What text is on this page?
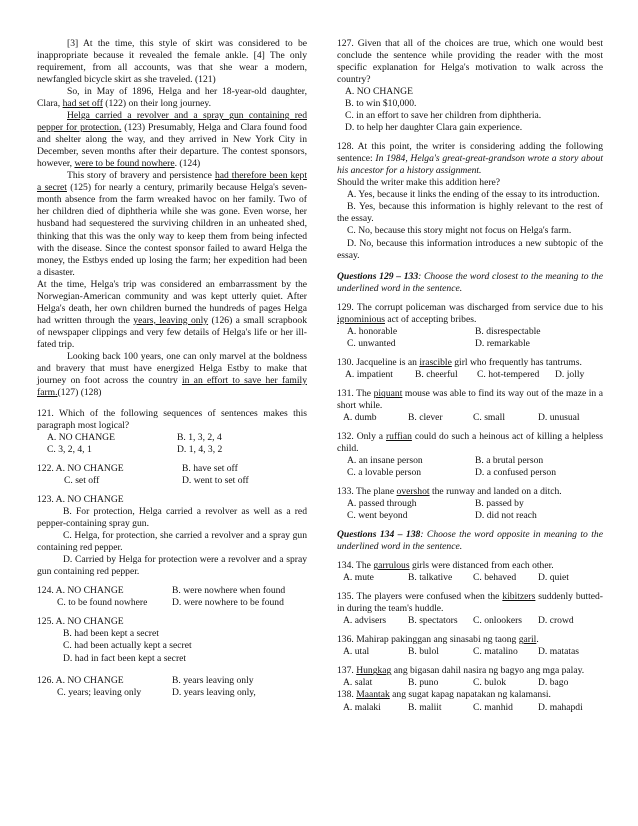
[3] At the time, this style of skirt was considered to be inappropriate because it revealed the female ankle. [4] The only requirement, from all accounts, was that she wear a modern, newfangled bicycle skirt as she traveled. (121)

So, in May of 1896, Helga and her 18-year-old daughter, Clara, had set off (122) on their long journey.

Helga carried a revolver and a spray gun containing red pepper for protection. (123) Presumably, Helga and Clara found food and shelter along the way, and they arrived in New York City in December, seven months after their departure. The contest sponsors, however, were to be found nowhere. (124)

This story of bravery and persistence had therefore been kept a secret (125) for nearly a century, primarily because Helga's seven-month absence from the farm wreaked havoc on her family. Two of her children died of diphtheria while she was gone. Even worse, her husband had sequestered the surviving children in an unheated shed, thinking that this was the only way to keep them from being infected with the disease. Since the contest sponsor failed to award Helga the money, the Estbys ended up losing the farm; her expedition had been a disaster.

At the time, Helga's trip was considered an embarrassment by the Norwegian-American community and was kept utterly quiet. After Helga's death, her own children burned the hundreds of pages Helga had written through the years, leaving only (126) a small scrapbook of newspaper clippings and very few details of Helga's life or her ill-fated trip.

Looking back 100 years, one can only marvel at the boldness and bravery that must have energized Helga Estby to make that journey on foot across the country in an effort to save her family farm.(127) (128)

121. Which of the following sequences of sentences makes this paragraph most logical?

A. NO CHANGE	B. 1, 3, 2, 4
C. 3, 2, 4, 1	D. 1, 4, 3, 2
122. A. NO CHANGE	B. have set off
C. set off	D. went to set off

123. A. NO CHANGE

B. For protection, Helga carried a revolver as well as a red pepper-containing spray gun.

C. Helga, for protection, she carried a revolver and a spray gun containing red pepper.

D. Carried by Helga for protection were a revolver and a spray gun containing red pepper.

124. A. NO CHANGE	B. were nowhere when found
C. to be found nowhere	D. were nowhere to be found

125. A. NO CHANGE

B. had been kept a secret

C. had been actually kept a secret

D. had in fact been kept a secret

126. A. NO CHANGE	B. years leaving only
C. years; leaving only	D. years leaving only,

127. Given that all of the choices are true, which one would best conclude the sentence while providing the reader with the most specific explanation for Helga's motivation to walk across the country?

A. NO CHANGE

B. to win $10,000.

C. in an effort to save her children from diphtheria.

D. to help her daughter Clara gain experience.

128. At this point, the writer is considering adding the following sentence: In 1984, Helga's great-great-grandson wrote a story about his ancestor for a history assignment.

Should the writer make this addition here?

A. Yes, because it links the ending of the essay to its introduction.

B. Yes, because this information is highly relevant to the rest of the essay.

C. No, because this story might not focus on Helga's farm.

D. No, because this information introduces a new subtopic of the essay.

Questions 129 – 133: Choose the word closest to the meaning to the underlined word in the sentence.

129. The corrupt policeman was discharged from service due to his ignominious act of accepting bribes.

A. honorable	B. disrespectable
C. unwanted	D. remarkable

130. Jacqueline is an irascible girl who frequently has tantrums.

A. impatient	B. cheerful	C. hot-tempered	D. jolly

131. The piquant mouse was able to find its way out of the maze in a short while.

A. dumb	B. clever	C. small	D. unusual

132. Only a ruffian could do such a heinous act of killing a helpless child.

A. an insane person	B. a brutal person
C. a lovable person	D. a confused person

133. The plane overshot the runway and landed on a ditch.

A. passed through	B. passed by
C. went beyond	D. did not reach

Questions 134 – 138: Choose the word opposite in meaning to the underlined word in the sentence.

134. The garrulous girls were distanced from each other.

A. mute	B. talkative	C. behaved	D. quiet

135. The players were confused when the kibitzers suddenly butted-in during the team's huddle.

A. advisers	B. spectators	C. onlookers	D. crowd

136. Mahirap pakinggan ang sinasabi ng taong garil.

A. utal	B. bulol	C. matalino	D. matatas

137. Hungkag ang bigasan dahil nasira ng bagyo ang mga palay.

A. salat	B. puno	C. bulok	D. bago

138. Maantak ang sugat kapag napatakan ng kalamansi.

A. malaki	B. maliit	C. manhid	D. mahapdi
